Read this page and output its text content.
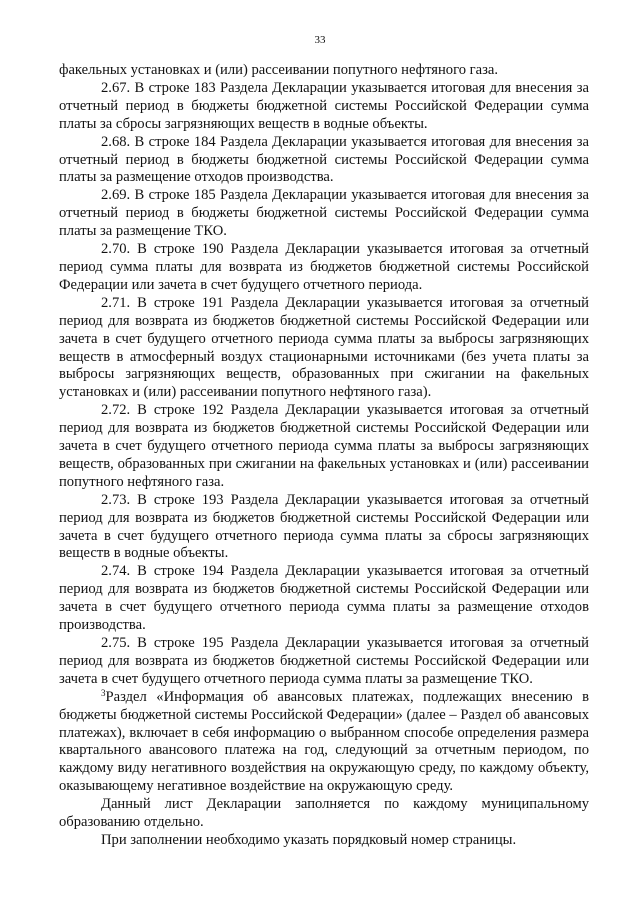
33

факельных установках и (или) рассеивании попутного нефтяного газа.

2.67. В строке 183 Раздела Декларации указывается итоговая для внесения за отчетный период в бюджеты бюджетной системы Российской Федерации сумма платы за сбросы загрязняющих веществ в водные объекты.

2.68. В строке 184 Раздела Декларации указывается итоговая для внесения за отчетный период в бюджеты бюджетной системы Российской Федерации сумма платы за размещение отходов производства.

2.69. В строке 185 Раздела Декларации указывается итоговая для внесения за отчетный период в бюджеты бюджетной системы Российской Федерации сумма платы за размещение ТКО.

2.70. В строке 190 Раздела Декларации указывается итоговая за отчетный период сумма платы для возврата из бюджетов бюджетной системы Российской Федерации или зачета в счет будущего отчетного периода.

2.71. В строке 191 Раздела Декларации указывается итоговая за отчетный период для возврата из бюджетов бюджетной системы Российской Федерации или зачета в счет будущего отчетного периода сумма платы за выбросы загрязняющих веществ в атмосферный воздух стационарными источниками (без учета платы за выбросы загрязняющих веществ, образованных при сжигании на факельных установках и (или) рассеивании попутного нефтяного газа).

2.72. В строке 192 Раздела Декларации указывается итоговая за отчетный период для возврата из бюджетов бюджетной системы Российской Федерации или зачета в счет будущего отчетного периода сумма платы за выбросы загрязняющих веществ, образованных при сжигании на факельных установках и (или) рассеивании попутного нефтяного газа.

2.73. В строке 193 Раздела Декларации указывается итоговая за отчетный период для возврата из бюджетов бюджетной системы Российской Федерации или зачета в счет будущего отчетного периода сумма платы за сбросы загрязняющих веществ в водные объекты.

2.74. В строке 194 Раздела Декларации указывается итоговая за отчетный период для возврата из бюджетов бюджетной системы Российской Федерации или зачета в счет будущего отчетного периода сумма платы за размещение отходов производства.

2.75. В строке 195 Раздела Декларации указывается итоговая за отчетный период для возврата из бюджетов бюджетной системы Российской Федерации или зачета в счет будущего отчетного периода сумма платы за размещение ТКО.

$^3$Раздел «Информация об авансовых платежах, подлежащих внесению в бюджеты бюджетной системы Российской Федерации» (далее – Раздел об авансовых платежах), включает в себя информацию о выбранном способе определения размера квартального авансового платежа на год, следующий за отчетным периодом, по каждому виду негативного воздействия на окружающую среду, по каждому объекту, оказывающему негативное воздействие на окружающую среду.

Данный лист Декларации заполняется по каждому муниципальному образованию отдельно.

При заполнении необходимо указать порядковый номер страницы.
